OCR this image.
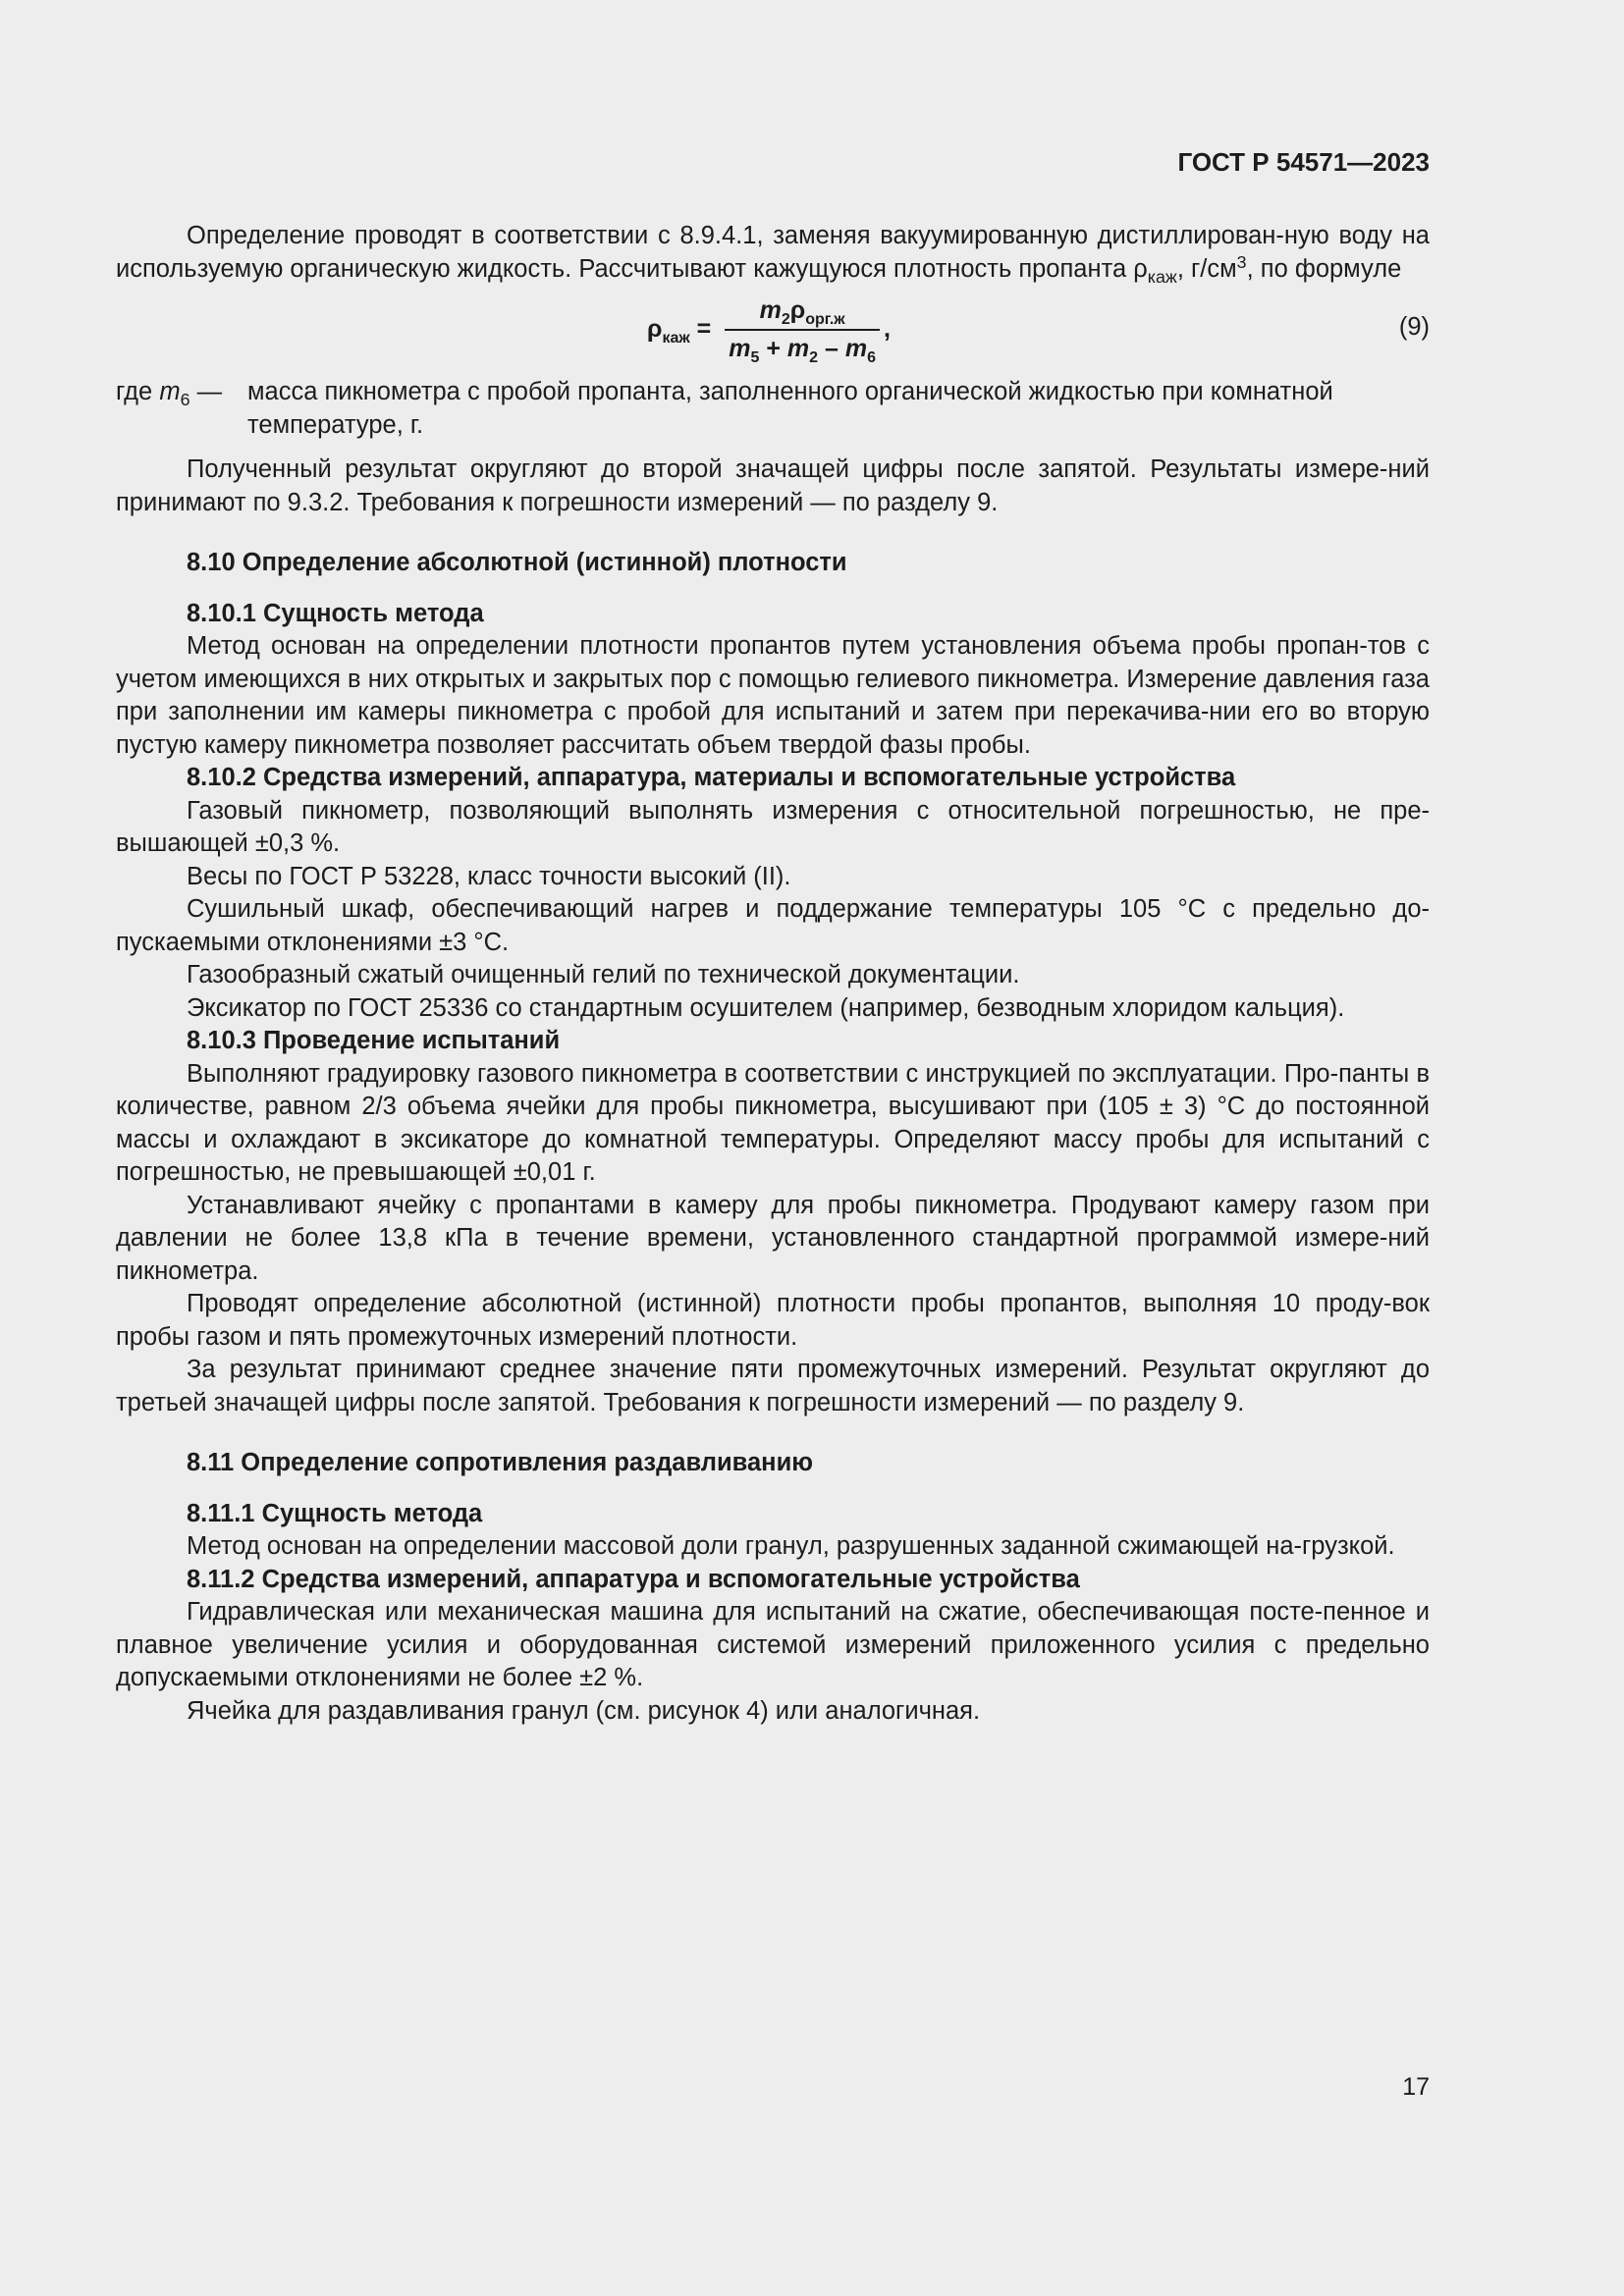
ГОСТ Р 54571—2023

Определение проводят в соответствии с 8.9.4.1, заменяя вакуумированную дистиллирован-ную воду на используемую органическую жидкость. Рассчитывают кажущуюся плотность пропанта $\rho_{каж}$, $г/см^3$, по формуле

$\rho_{каж} = \frac{m_2\rho_{орг.ж}}{m_5 + m_2 - m_6}$ ,	(9)
где $m_6$ —	масса пикнометра с пробой пропанта, заполненного органической жидкостью при комнатной температуре, г.

Полученный результат округляют до второй значащей цифры после запятой. Результаты измере-ний принимают по 9.3.2. Требования к погрешности измерений — по разделу 9.

8.10 Определение абсолютной (истинной) плотности

8.10.1 Сущность метода

Метод основан на определении плотности пропантов путем установления объема пробы пропан-тов с учетом имеющихся в них открытых и закрытых пор с помощью гелиевого пикнометра. Измерение давления газа при заполнении им камеры пикнометра с пробой для испытаний и затем при перекачива-нии его во вторую пустую камеру пикнометра позволяет рассчитать объем твердой фазы пробы.

8.10.2 Средства измерений, аппаратура, материалы и вспомогательные устройства

Газовый пикнометр, позволяющий выполнять измерения с относительной погрешностью, не пре-вышающей ±0,3 %.

Весы по ГОСТ Р 53228, класс точности высокий (II).

Сушильный шкаф, обеспечивающий нагрев и поддержание температуры 105 °С с предельно до-пускаемыми отклонениями ±3 °С.

Газообразный сжатый очищенный гелий по технической документации.

Эксикатор по ГОСТ 25336 со стандартным осушителем (например, безводным хлоридом кальция).

8.10.3 Проведение испытаний

Выполняют градуировку газового пикнометра в соответствии с инструкцией по эксплуатации. Про-панты в количестве, равном 2/3 объема ячейки для пробы пикнометра, высушивают при (105 ± 3) °С до постоянной массы и охлаждают в эксикаторе до комнатной температуры. Определяют массу пробы для испытаний с погрешностью, не превышающей ±0,01 г.

Устанавливают ячейку с пропантами в камеру для пробы пикнометра. Продувают камеру газом при давлении не более 13,8 кПа в течение времени, установленного стандартной программой измере-ний пикнометра.

Проводят определение абсолютной (истинной) плотности пробы пропантов, выполняя 10 проду-вок пробы газом и пять промежуточных измерений плотности.

За результат принимают среднее значение пяти промежуточных измерений. Результат округляют до третьей значащей цифры после запятой. Требования к погрешности измерений — по разделу 9.

8.11 Определение сопротивления раздавливанию

8.11.1 Сущность метода

Метод основан на определении массовой доли гранул, разрушенных заданной сжимающей на-грузкой.

8.11.2 Средства измерений, аппаратура и вспомогательные устройства

Гидравлическая или механическая машина для испытаний на сжатие, обеспечивающая посте-пенное и плавное увеличение усилия и оборудованная системой измерений приложенного усилия с предельно допускаемыми отклонениями не более ±2 %.

Ячейка для раздавливания гранул (см. рисунок 4) или аналогичная.

17
